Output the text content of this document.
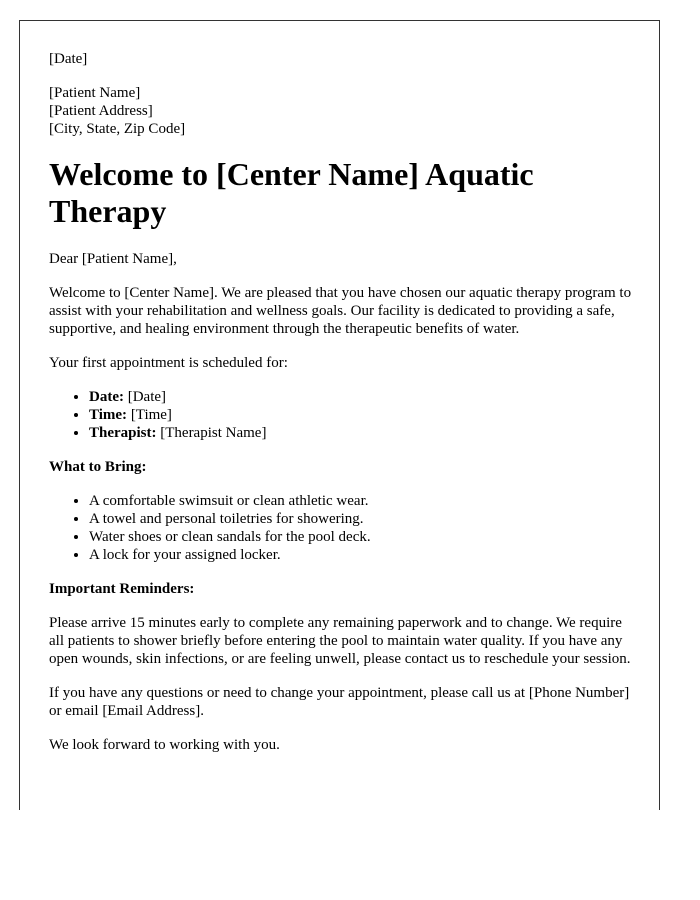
[Date]

[Patient Name]
[Patient Address]
[City, State, Zip Code]
Welcome to [Center Name] Aquatic Therapy

Dear [Patient Name],

Welcome to [Center Name]. We are pleased that you have chosen our aquatic therapy program to assist with your rehabilitation and wellness goals. Our facility is dedicated to providing a safe, supportive, and healing environment through the therapeutic benefits of water.

Your first appointment is scheduled for:

• Date: [Date]
• Time: [Time]
• Therapist: [Therapist Name]

What to Bring:

• A comfortable swimsuit or clean athletic wear.
• A towel and personal toiletries for showering.
• Water shoes or clean sandals for the pool deck.
• A lock for your assigned locker.

Important Reminders:

Please arrive 15 minutes early to complete any remaining paperwork and to change. We require all patients to shower briefly before entering the pool to maintain water quality. If you have any open wounds, skin infections, or are feeling unwell, please contact us to reschedule your session.

If you have any questions or need to change your appointment, please call us at [Phone Number] or email [Email Address].

We look forward to working with you.
